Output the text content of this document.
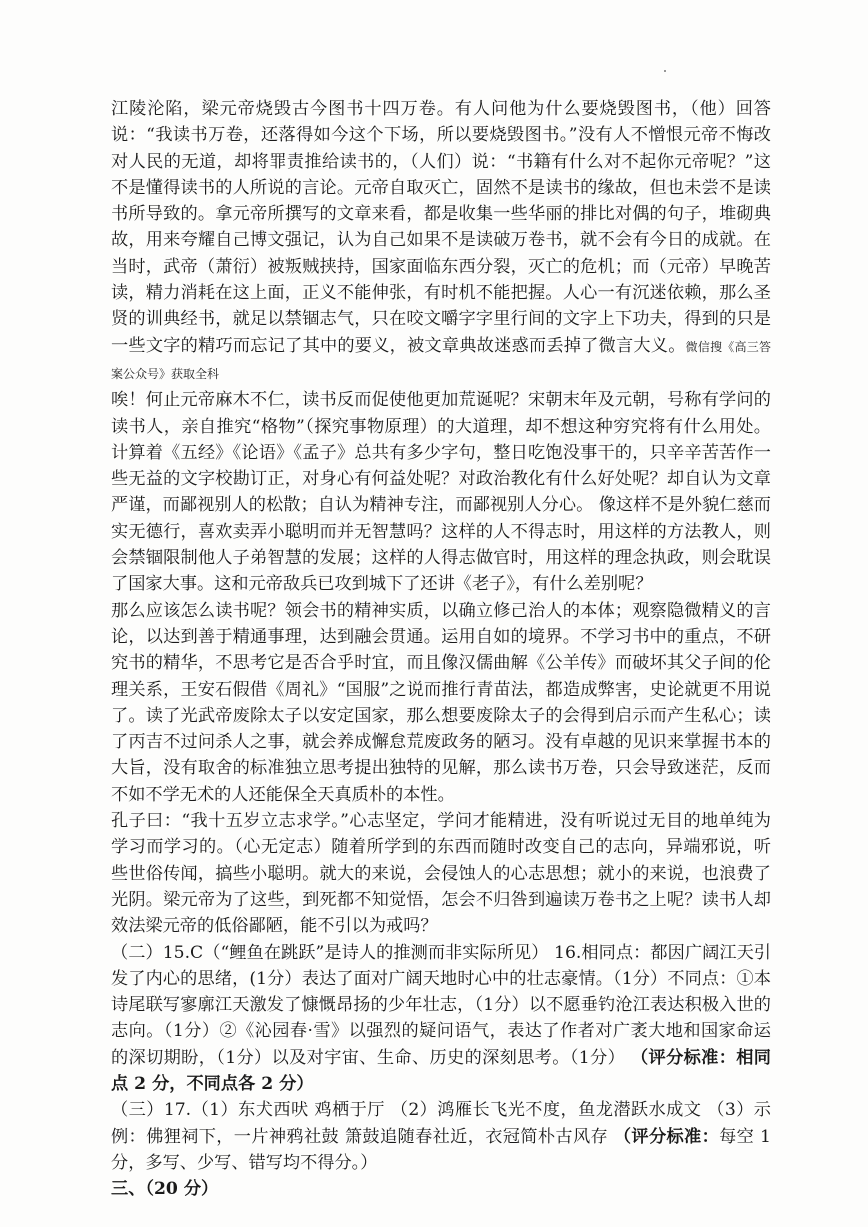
江陵沦陷，梁元帝烧毁古今图书十四万卷。有人问他为什么要烧毁图书，（他）回答说：“我读书万卷，还落得如今这个下场，所以要烧毁图书。”没有人不憎恨元帝不悔改对人民的无道，却将罪责推给读书的，（人们）说：“书籍有什么对不起你元帝呢？”这不是懂得读书的人所说的言论。元帝自取灭亡，固然不是读书的缘故，但也未尝不是读书所导致的。拿元帝所撰写的文章来看，都是收集一些华丽的排比对偶的句子，堆砌典故，用来夸耀自己博文强记，认为自己如果不是读破万卷书，就不会有今日的成就。在当时，武帝（萧衍）被叛贼挟持，国家面临东西分裂，灭亡的危机；而（元帝）早晚苦读，精力消耗在这上面，正义不能伸张，有时机不能把握。人心一有沉迷依赖，那么圣贤的训典经书，就足以禁锢志气，只在咬文嚼字字里行间的文字上下功夫，得到的只是一些文字的精巧而忘记了其中的要义，被文章典故迷惑而丢掉了微言大义。微信搜《高三答案公众号》获取全科

唉！何止元帝麻木不仁，读书反而促使他更加荒诞呢？宋朝末年及元朝，号称有学问的读书人，亲自推究“格物”（探究事物原理）的大道理，却不想这种穷究将有什么用处。计算着《五经》《论语》《孟子》总共有多少字句，整日吃饱没事干的，只辛辛苦苦作一些无益的文字校勘订正，对身心有何益处呢？对政治教化有什么好处呢？却自认为文章严谨，而鄙视别人的松散；自认为精神专注，而鄙视别人分心。 像这样不是外貌仁慈而实无德行，喜欢卖弄小聪明而并无智慧吗？这样的人不得志时，用这样的方法教人，则会禁锢限制他人子弟智慧的发展；这样的人得志做官时，用这样的理念执政，则会耽误了国家大事。这和元帝敌兵已攻到城下了还讲《老子》，有什么差别呢？

那么应该怎么读书呢？领会书的精神实质，以确立修己治人的本体；观察隐微精义的言论，以达到善于精通事理，达到融会贯通。运用自如的境界。不学习书中的重点，不研究书的精华，不思考它是否合乎时宜，而且像汉儒曲解《公羊传》而破坏其父子间的伦理关系，王安石假借《周礼》“国服”之说而推行青苗法，都造成弊害，史论就更不用说了。读了光武帝废除太子以安定国家，那么想要废除太子的会得到启示而产生私心；读了丙吉不过问杀人之事，就会养成懈怠荒废政务的陋习。没有卓越的见识来掌握书本的大旨，没有取舍的标准独立思考提出独特的见解，那么读书万卷，只会导致迷茫，反而不如不学无术的人还能保全天真质朴的本性。

孔子曰：“我十五岁立志求学。”心志坚定，学问才能精进，没有听说过无目的地单纯为学习而学习的。（心无定志）随着所学到的东西而随时改变自己的志向，异端邪说，听些世俗传闻，搞些小聪明。就大的来说，会侵蚀人的心志思想；就小的来说，也浪费了光阴。梁元帝为了这些，到死都不知觉悟，怎会不归咎到遍读万卷书之上呢？读书人却效法梁元帝的低俗鄙陋，能不引以为戒吗？

（二）15.C（“鲤鱼在跳跃”是诗人的推测而非实际所见） 16.相同点：都因广阔江天引发了内心的思绪，(1分）表达了面对广阔天地时心中的壮志豪情。（1分）不同点：①本诗尾联写寥廓江天激发了慷慨昂扬的少年壮志，（1分）以不愿垂钓沧江表达积极入世的志向。（1分）②《沁园春·雪》以强烈的疑问语气，表达了作者对广袤大地和国家命运的深切期盼，（1分）以及对宇宙、生命、历史的深刻思考。（1分） （评分标准：相同点 2 分，不同点各 2 分）

（三）17.（1）东犬西吠 鸡栖于厅 （2）鸿雁长飞光不度，鱼龙潜跃水成文 （3）示例：佛狸祠下，一片神鸦社鼓 箫鼓追随春社近，衣冠简朴古风存 （评分标准：每空 1 分，多写、少写、错写均不得分。）

三、（20 分）
